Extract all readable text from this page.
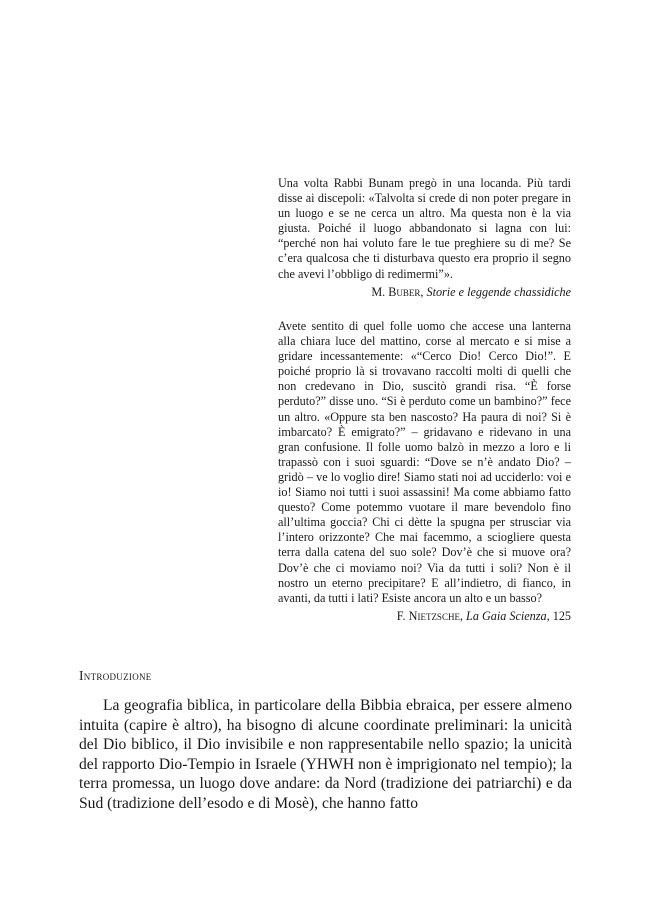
Una volta Rabbi Bunam pregò in una locanda. Più tardi disse ai discepoli: «Talvolta si crede di non poter pregare in un luogo e se ne cerca un altro. Ma questa non è la via giusta. Poiché il luogo abbandonato si lagna con lui: “perché non hai voluto fare le tue preghiere su di me? Se c’era qualcosa che ti disturbava questo era proprio il segno che avevi l’obbligo di redimermi”».

M. Buber, Storie e leggende chassidiche

Avete sentito di quel folle uomo che accese una lanterna alla chiara luce del mattino, corse al mercato e si mise a gridare incessantemente: «“Cerco Dio! Cerco Dio!”. E poiché proprio là si trovavano raccolti molti di quelli che non credevano in Dio, suscitò grandi risa. “È forse perduto?” disse uno. “Si è perduto come un bambino?” fece un altro. «Oppure sta ben nascosto? Ha paura di noi? Si è imbarcato? È emigrato?” – gridavano e ridevano in una gran confusione. Il folle uomo balzò in mezzo a loro e li trapassò con i suoi sguardi: “Dove se n’è andato Dio? – gridò – ve lo voglio dire! Siamo stati noi ad ucciderlo: voi e io! Siamo noi tutti i suoi assassini! Ma come abbiamo fatto questo? Come potemmo vuotare il mare bevendolo fino all’ultima goccia? Chi ci dètte la spugna per strusciar via l’intero orizzonte? Che mai facemmo, a sciogliere questa terra dalla catena del suo sole? Dov’è che si muove ora? Dov’è che ci moviamo noi? Via da tutti i soli? Non è il nostro un eterno precipitare? E all’indietro, di fianco, in avanti, da tutti i lati? Esiste ancora un alto e un basso?

F. Nietzsche, La Gaia Scienza, 125
Introduzione

La geografia biblica, in particolare della Bibbia ebraica, per essere almeno intuita (capire è altro), ha bisogno di alcune coordinate preliminari: la unicità del Dio biblico, il Dio invisibile e non rappresentabile nello spazio; la unicità del rapporto Dio-Tempio in Israele (YHWH non è imprigionato nel tempio); la terra promessa, un luogo dove andare: da Nord (tradizione dei patriarchi) e da Sud (tradizione dell’esodo e di Mosè), che hanno fatto
